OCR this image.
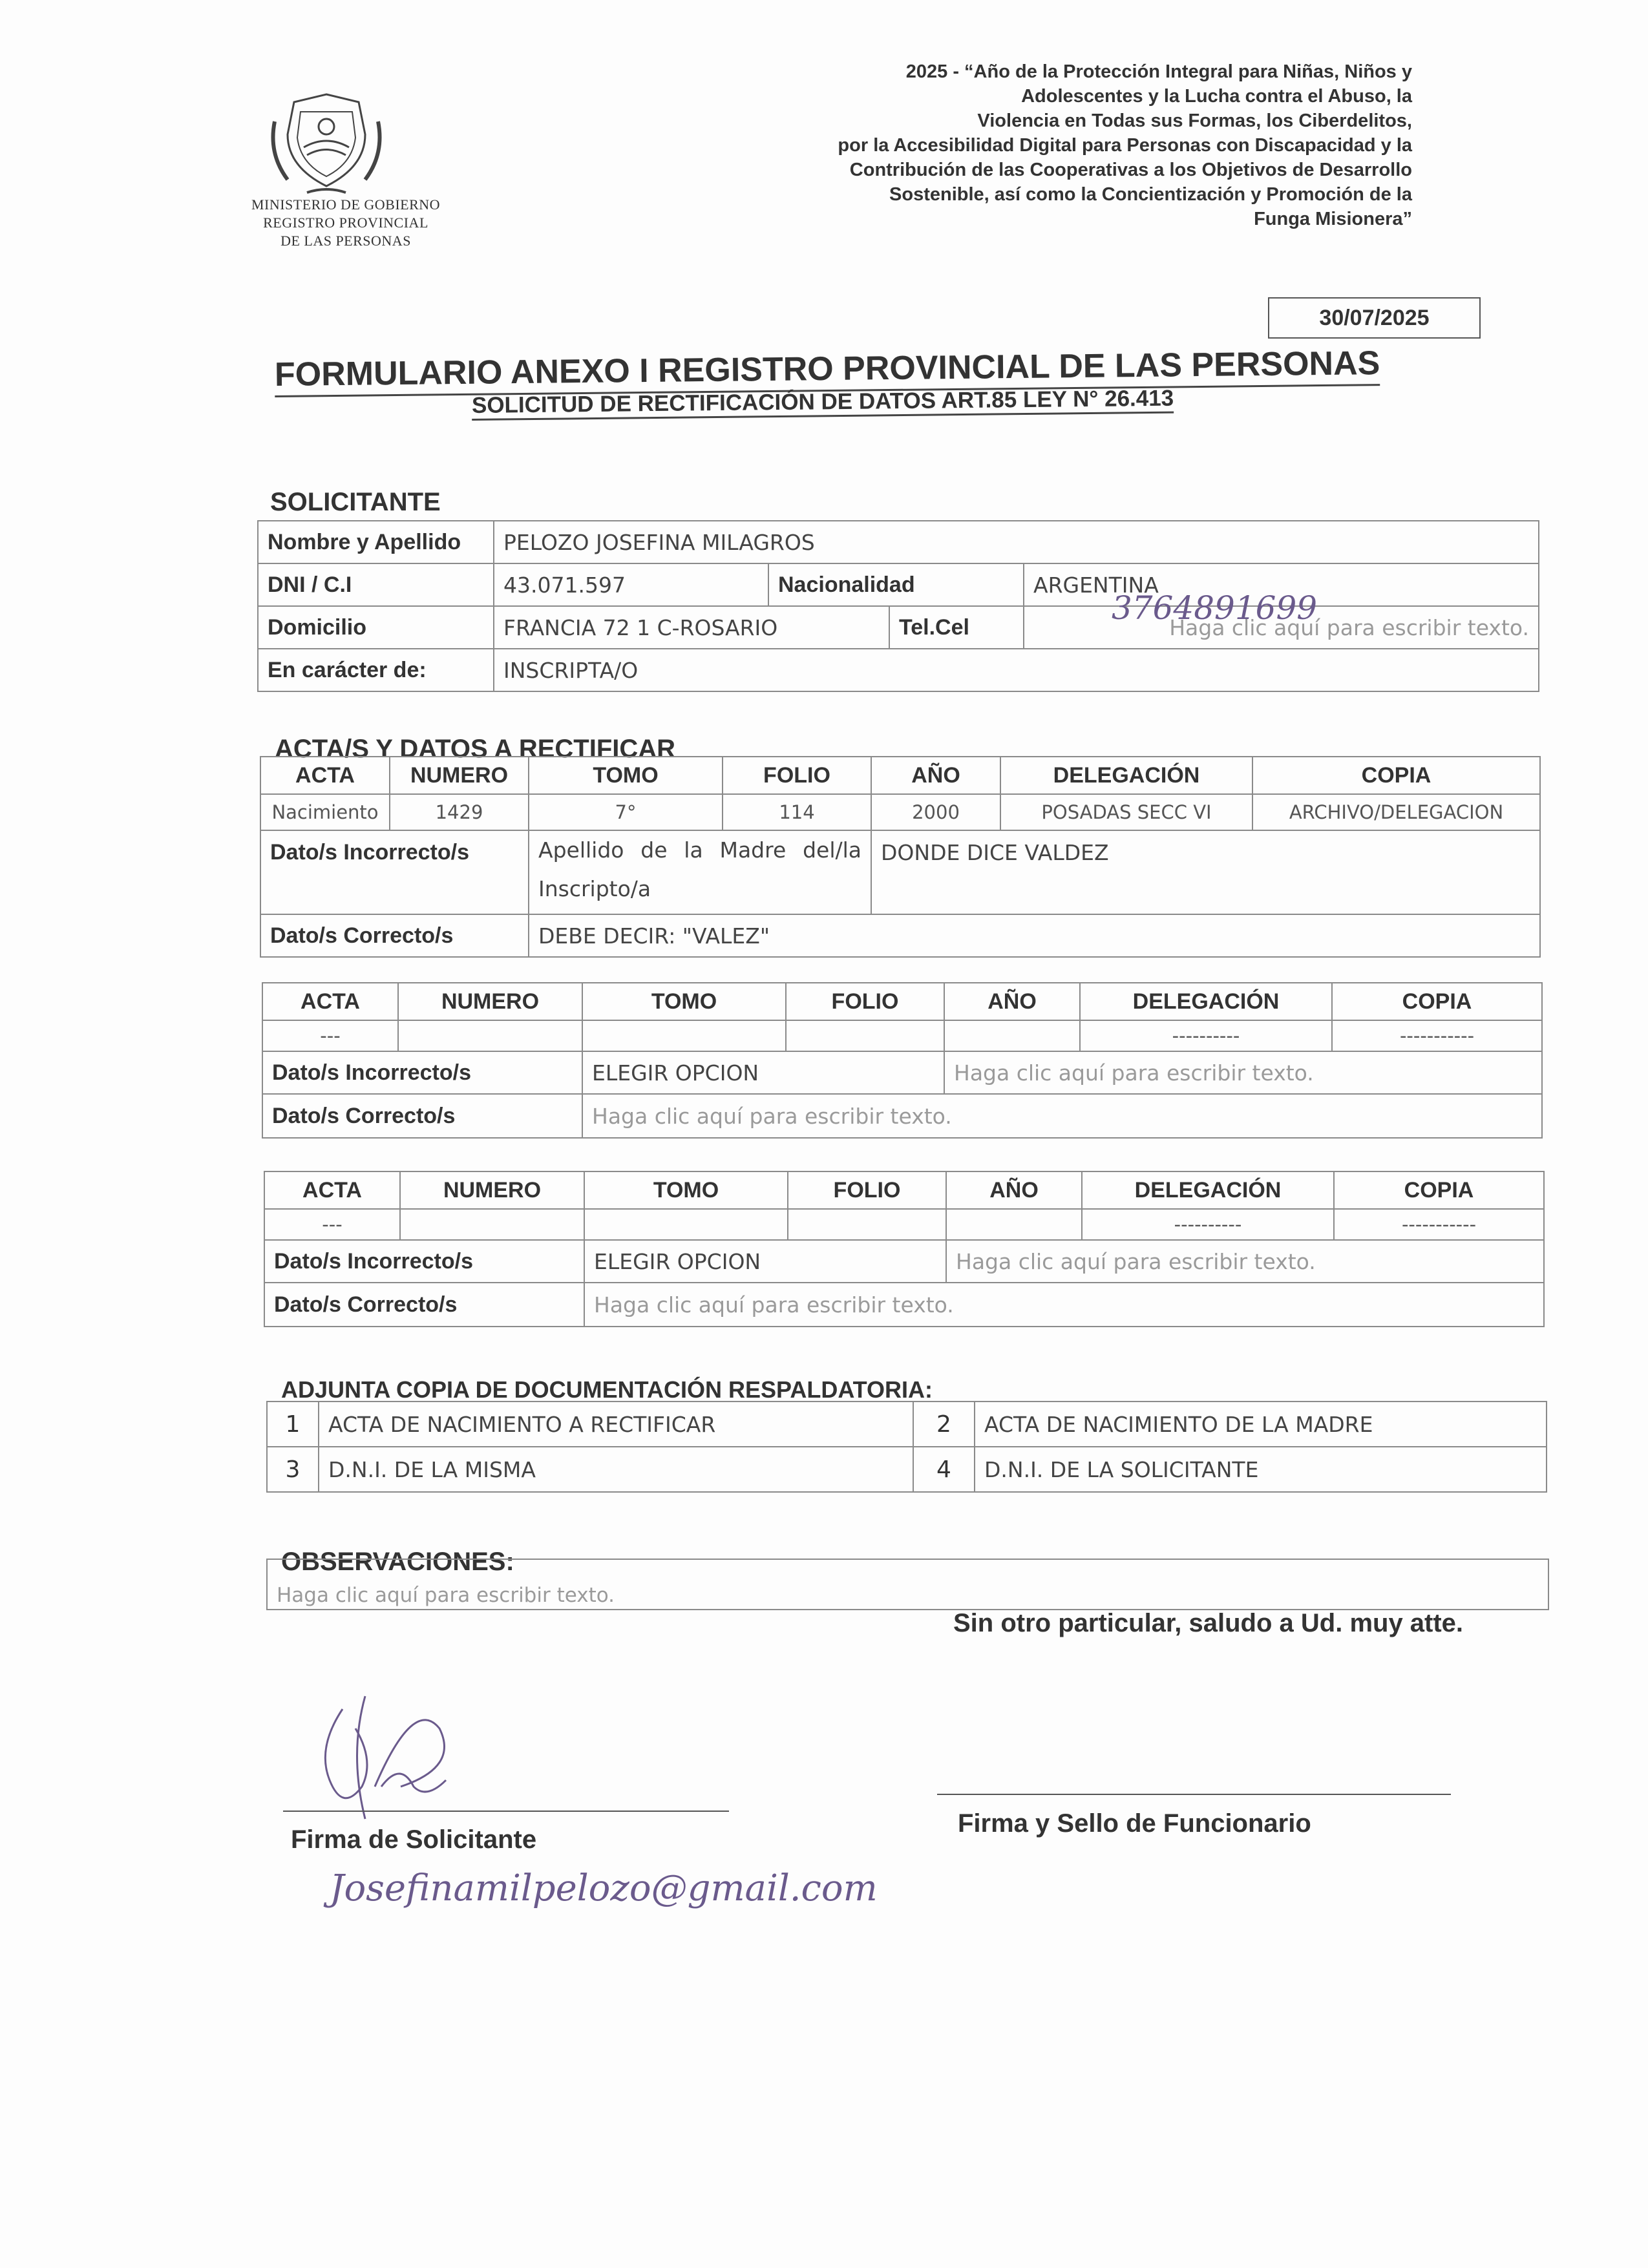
MINISTERIO DE GOBIERNO
REGISTRO PROVINCIAL
DE LAS PERSONAS
2025 - “Año de la Protección Integral para Niñas, Niños y
Adolescentes y la Lucha contra el Abuso, la
Violencia en Todas sus Formas, los Ciberdelitos,
por la Accesibilidad Digital para Personas con Discapacidad y la
Contribución de las Cooperativas a los Objetivos de Desarrollo
Sostenible, así como la Concientización y Promoción de la
Funga Misionera”
30/07/2025
FORMULARIO ANEXO I REGISTRO PROVINCIAL DE LAS PERSONAS
SOLICITUD DE RECTIFICACIÓN DE DATOS ART.85 LEY N° 26.413
SOLICITANTE
Nombre y Apellido	PELOZO JOSEFINA MILAGROS			
DNI / C.I	43.071.597	Nacionalidad		ARGENTINA
Domicilio	FRANCIA 72 1 C-ROSARIO		Tel.Cel	Haga clic aquí para escribir texto.
En carácter de:	INSCRIPTA/O			
3764891699
ACTA/S Y DATOS A RECTIFICAR
ACTA	NUMERO	TOMO	FOLIO	AÑO	DELEGACIÓN	COPIA
Nacimiento	1429	7°	114	2000	POSADAS SECC VI	ARCHIVO/DELEGACION
Dato/s Incorrecto/s		Apellido de la Madre del/la Inscripto/a		DONDE DICE VALDEZ		
Dato/s Correcto/s		DEBE DECIR: "VALEZ"				
ACTA	NUMERO	TOMO	FOLIO	AÑO	DELEGACIÓN	COPIA
---					----------	-----------
Dato/s Incorrecto/s		ELEGIR OPCION		Haga clic aquí para escribir texto.		
Dato/s Correcto/s		Haga clic aquí para escribir texto.				
ACTA	NUMERO	TOMO	FOLIO	AÑO	DELEGACIÓN	COPIA
---					----------	-----------
Dato/s Incorrecto/s		ELEGIR OPCION		Haga clic aquí para escribir texto.		
Dato/s Correcto/s		Haga clic aquí para escribir texto.				
ADJUNTA COPIA DE DOCUMENTACIÓN RESPALDATORIA:
1	ACTA DE NACIMIENTO A RECTIFICAR	2	ACTA DE NACIMIENTO DE LA MADRE
3	D.N.I. DE LA MISMA	4	D.N.I. DE LA SOLICITANTE
OBSERVACIONES:

Haga clic aquí para escribir texto.
Sin otro particular, saludo a Ud. muy atte.
Firma de Solicitante
Firma y Sello de Funcionario
Josefinamilpelozo@gmail.com
